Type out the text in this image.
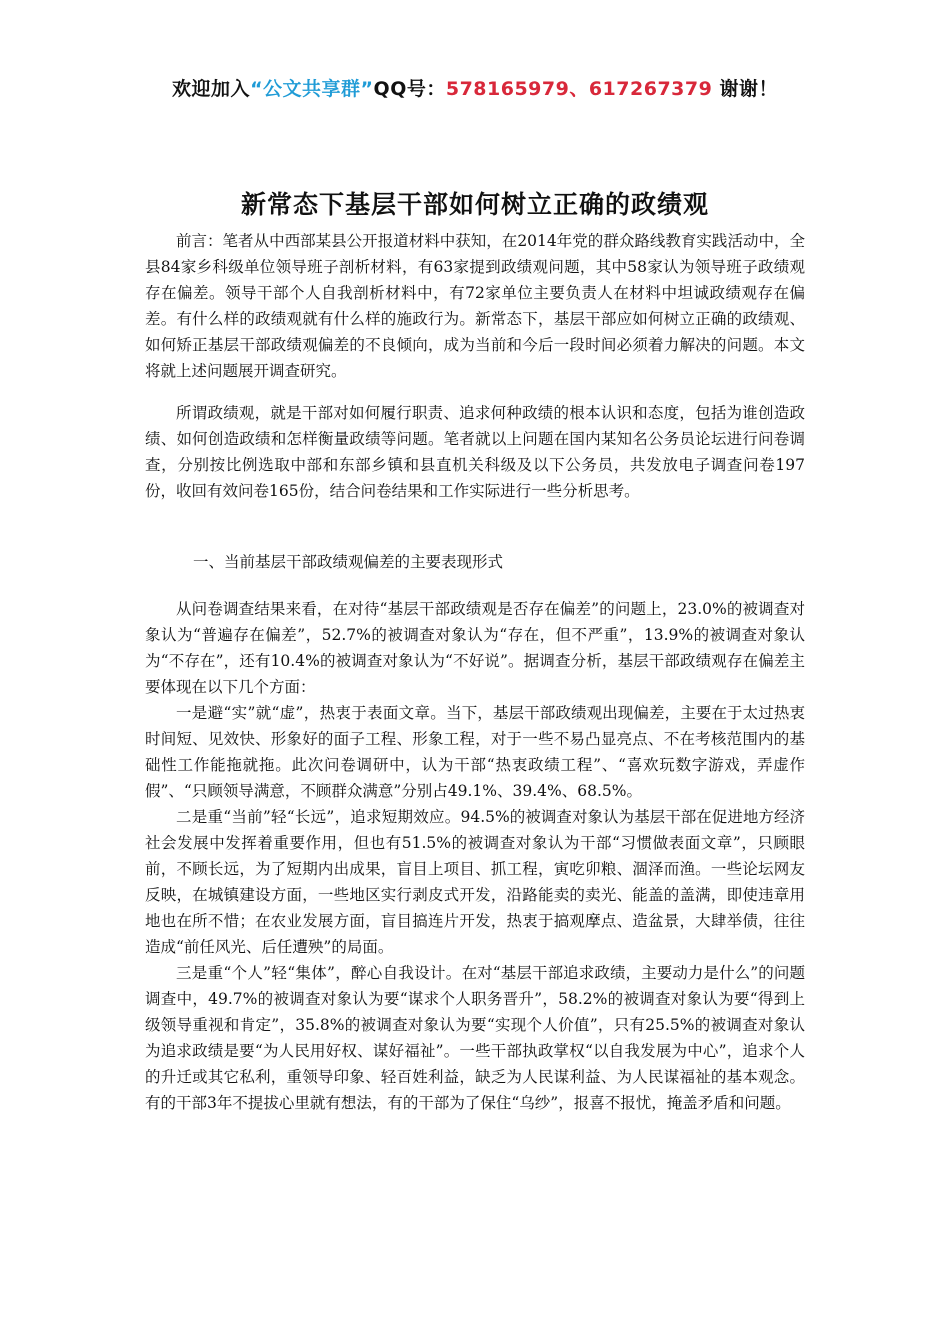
欢迎加入“公文共享群”QQ号：578165979、617267379 谢谢！
新常态下基层干部如何树立正确的政绩观

前言：笔者从中西部某县公开报道材料中获知，在2014年党的群众路线教育实践活动中，全县84家乡科级单位领导班子剖析材料，有63家提到政绩观问题，其中58家认为领导班子政绩观存在偏差。领导干部个人自我剖析材料中，有72家单位主要负责人在材料中坦诚政绩观存在偏差。有什么样的政绩观就有什么样的施政行为。新常态下，基层干部应如何树立正确的政绩观、如何矫正基层干部政绩观偏差的不良倾向，成为当前和今后一段时间必须着力解决的问题。本文将就上述问题展开调查研究。

所谓政绩观，就是干部对如何履行职责、追求何种政绩的根本认识和态度，包括为谁创造政绩、如何创造政绩和怎样衡量政绩等问题。笔者就以上问题在国内某知名公务员论坛进行问卷调查，分别按比例选取中部和东部乡镇和县直机关科级及以下公务员，共发放电子调查问卷197份，收回有效问卷165份，结合问卷结果和工作实际进行一些分析思考。

一、当前基层干部政绩观偏差的主要表现形式

从问卷调查结果来看，在对待“基层干部政绩观是否存在偏差”的问题上，23.0%的被调查对象认为“普遍存在偏差”，52.7%的被调查对象认为“存在，但不严重”，13.9%的被调查对象认为“不存在”，还有10.4%的被调查对象认为“不好说”。据调查分析，基层干部政绩观存在偏差主要体现在以下几个方面：

一是避“实”就“虚”，热衷于表面文章。当下，基层干部政绩观出现偏差，主要在于太过热衷时间短、见效快、形象好的面子工程、形象工程，对于一些不易凸显亮点、不在考核范围内的基础性工作能拖就拖。此次问卷调研中，认为干部“热衷政绩工程”、“喜欢玩数字游戏，弄虚作假”、“只顾领导满意，不顾群众满意”分别占49.1%、39.4%、68.5%。

二是重“当前”轻“长远”，追求短期效应。94.5%的被调查对象认为基层干部在促进地方经济社会发展中发挥着重要作用，但也有51.5%的被调查对象认为干部“习惯做表面文章”，只顾眼前，不顾长远，为了短期内出成果，盲目上项目、抓工程，寅吃卯粮、涸泽而渔。一些论坛网友反映，在城镇建设方面，一些地区实行剥皮式开发，沿路能卖的卖光、能盖的盖满，即使违章用地也在所不惜；在农业发展方面，盲目搞连片开发，热衷于搞观摩点、造盆景，大肆举债，往往造成“前任风光、后任遭殃”的局面。

三是重“个人”轻“集体”，醉心自我设计。在对“基层干部追求政绩，主要动力是什么”的问题调查中，49.7%的被调查对象认为要“谋求个人职务晋升”，58.2%的被调查对象认为要“得到上级领导重视和肯定”，35.8%的被调查对象认为要“实现个人价值”，只有25.5%的被调查对象认为追求政绩是要“为人民用好权、谋好福祉”。一些干部执政掌权“以自我发展为中心”，追求个人的升迁或其它私利，重领导印象、轻百姓利益，缺乏为人民谋利益、为人民谋福祉的基本观念。有的干部3年不提拔心里就有想法，有的干部为了保住“乌纱”，报喜不报忧，掩盖矛盾和问题。
